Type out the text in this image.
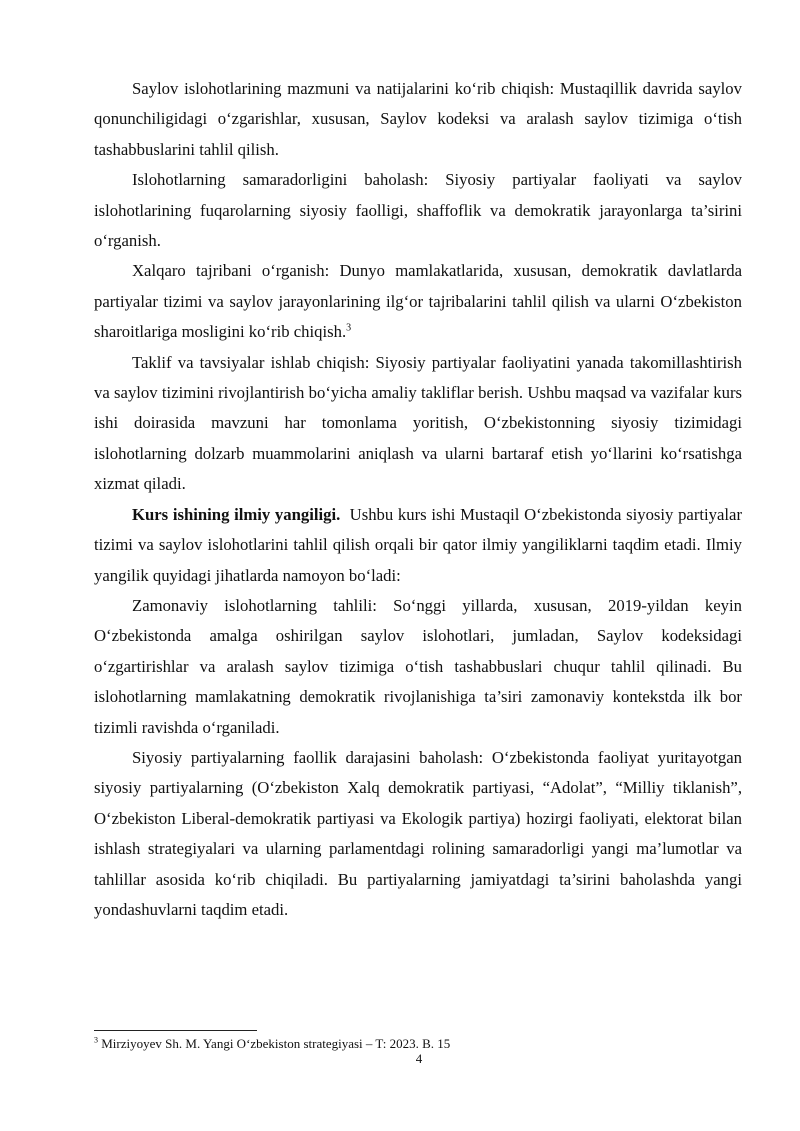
Saylov islohotlarining mazmuni va natijalarini ko‘rib chiqish: Mustaqillik davrida saylov qonunchiligidagi o‘zgarishlar, xususan, Saylov kodeksi va aralash saylov tizimiga o‘tish tashabbuslarini tahlil qilish.

Islohotlarning samaradorligini baholash: Siyosiy partiyalar faoliyati va saylov islohotlarining fuqarolarning siyosiy faolligi, shaffoflik va demokratik jarayonlarga ta’sirini o‘rganish.

Xalqaro tajribani o‘rganish: Dunyo mamlakatlarida, xususan, demokratik davlatlarda partiyalar tizimi va saylov jarayonlarining ilg‘or tajribalarini tahlil qilish va ularni O‘zbekiston sharoitlariga mosligini ko‘rib chiqish.$^3$

Taklif va tavsiyalar ishlab chiqish: Siyosiy partiyalar faoliyatini yanada takomillashtirish va saylov tizimini rivojlantirish bo‘yicha amaliy takliflar berish. Ushbu maqsad va vazifalar kurs ishi doirasida mavzuni har tomonlama yoritish, O‘zbekistonning siyosiy tizimidagi islohotlarning dolzarb muammolarini aniqlash va ularni bartaraf etish yo‘llarini ko‘rsatishga xizmat qiladi.

Kurs ishining ilmiy yangiligi.  Ushbu kurs ishi Mustaqil O‘zbekistonda siyosiy partiyalar tizimi va saylov islohotlarini tahlil qilish orqali bir qator ilmiy yangiliklarni taqdim etadi. Ilmiy yangilik quyidagi jihatlarda namoyon bo‘ladi:

Zamonaviy islohotlarning tahlili: So‘nggi yillarda, xususan, 2019-yildan keyin O‘zbekistonda amalga oshirilgan saylov islohotlari, jumladan, Saylov kodeksidagi o‘zgartirishlar va aralash saylov tizimiga o‘tish tashabbuslari chuqur tahlil qilinadi. Bu islohotlarning mamlakatning demokratik rivojlanishiga ta’siri zamonaviy kontekstda ilk bor tizimli ravishda o‘rganiladi.

Siyosiy partiyalarning faollik darajasini baholash: O‘zbekistonda faoliyat yuritayotgan siyosiy partiyalarning (O‘zbekiston Xalq demokratik partiyasi, “Adolat”, “Milliy tiklanish”, O‘zbekiston Liberal-demokratik partiyasi va Ekologik partiya) hozirgi faoliyati, elektorat bilan ishlash strategiyalari va ularning parlamentdagi rolining samaradorligi yangi ma’lumotlar va tahlillar asosida ko‘rib chiqiladi. Bu partiyalarning jamiyatdagi ta’sirini baholashda yangi yondashuvlarni taqdim etadi.

$^3$ Mirziyoyev Sh. M. Yangi O‘zbekiston strategiyasi – T: 2023. B. 15
4
